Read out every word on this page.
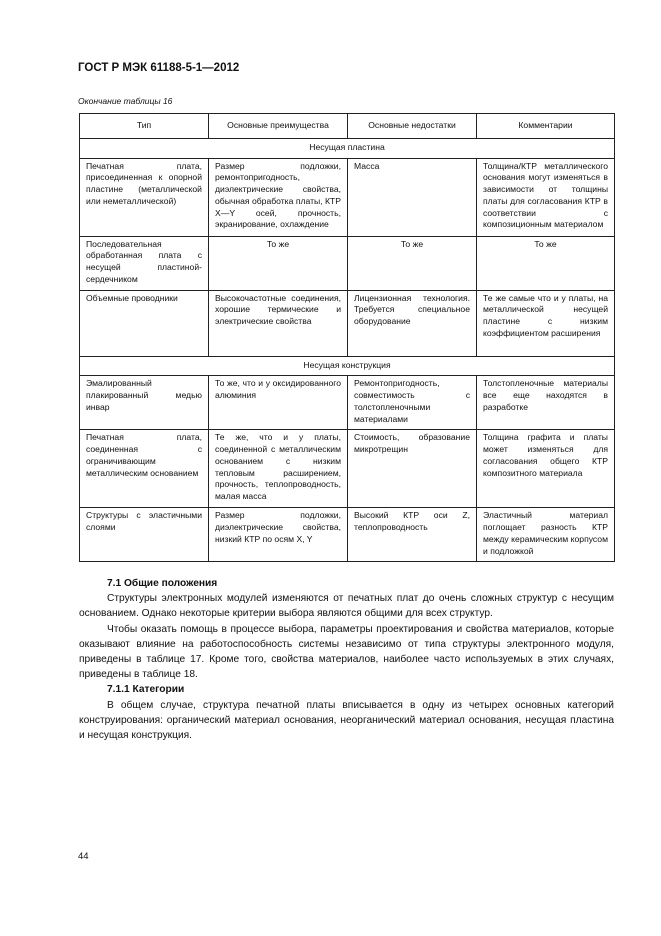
ГОСТ Р МЭК 61188-5-1—2012
Окончание таблицы 16
Тип	Основные преимущества	Основные недостатки	Комментарии
Несущая пластина			
Печатная плата, присоединенная к опорной пластине (металлической или неметаллической)	Размер подложки, ремонтопригодность, диэлектрические свойства, обычная обработка платы, КТР X—Y осей, прочность, экранирование, охлаждение	Масса	Толщина/КТР металлического основания могут изменяться в зависимости от толщины платы для согласования КТР в соответствии с композиционным материалом
Последовательная обработанная плата с несущей пластиной-сердечником	То же	То же	То же
Объемные проводники	Высокочастотные соединения, хорошие термические и электрические свойства	Лицензионная технология. Требуется специальное оборудование	Те же самые что и у платы, на металлической несущей пластине с низким коэффициентом расширения
Несущая конструкция			
Эмалированный плакированный медью инвар	То же, что и у оксидированного алюминия	Ремонтопригодность, совместимость с толстопленочными материалами	Толстопленочные материалы все еще находятся в разработке
Печатная плата, соединенная с ограничивающим металлическим основанием	Те же, что и у платы, соединенной с металлическим основанием с низким тепловым расширением, прочность, теплопроводность, малая масса	Стоимость, образование микротрещин	Толщина графита и платы может изменяться для согласования общего КТР композитного материала
Структуры с эластичными слоями	Размер подложки, диэлектрические свойства, низкий КТР по осям X, Y	Высокий КТР оси Z, теплопроводность	Эластичный материал поглощает разность КТР между керамическим корпусом и подложкой

7.1 Общие положения

Структуры электронных модулей изменяются от печатных плат до очень сложных структур с несущим основанием. Однако некоторые критерии выбора являются общими для всех структур.

Чтобы оказать помощь в процессе выбора, параметры проектирования и свойства материалов, которые оказывают влияние на работоспособность системы независимо от типа структуры электронного модуля, приведены в таблице 17. Кроме того, свойства материалов, наиболее часто используемых в этих случаях, приведены в таблице 18.

7.1.1 Категории

В общем случае, структура печатной платы вписывается в одну из четырех основных категорий конструирования: органический материал основания, неорганический материал основания, несущая пластина и несущая конструкция.

44
